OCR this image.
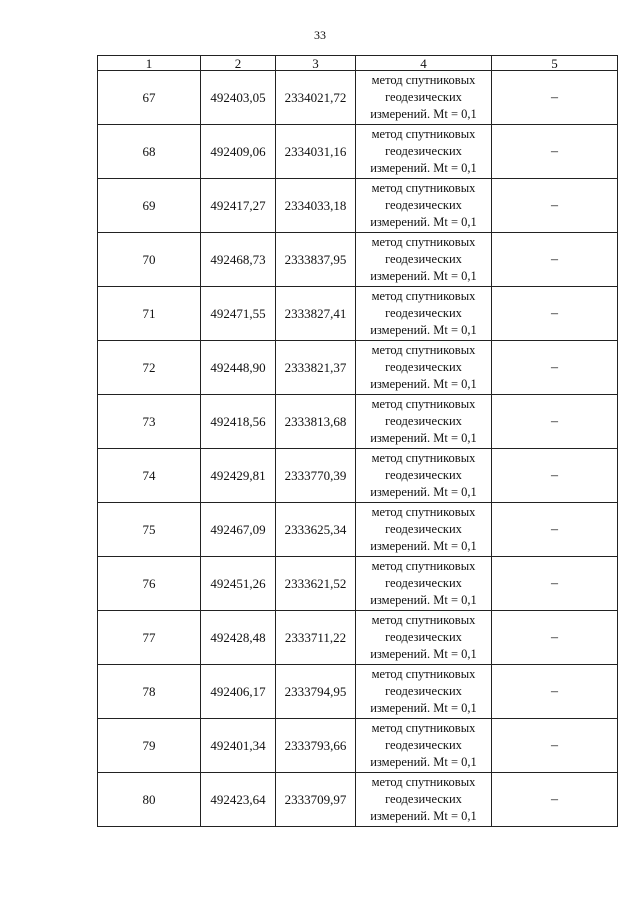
33
1	2	3	4	5
67	492403,05	2334021,72	метод спутниковых
геодезических
измерений. Mt = 0,1	–
68	492409,06	2334031,16	метод спутниковых
геодезических
измерений. Mt = 0,1	–
69	492417,27	2334033,18	метод спутниковых
геодезических
измерений. Mt = 0,1	–
70	492468,73	2333837,95	метод спутниковых
геодезических
измерений. Mt = 0,1	–
71	492471,55	2333827,41	метод спутниковых
геодезических
измерений. Mt = 0,1	–
72	492448,90	2333821,37	метод спутниковых
геодезических
измерений. Mt = 0,1	–
73	492418,56	2333813,68	метод спутниковых
геодезических
измерений. Mt = 0,1	–
74	492429,81	2333770,39	метод спутниковых
геодезических
измерений. Mt = 0,1	–
75	492467,09	2333625,34	метод спутниковых
геодезических
измерений. Mt = 0,1	–
76	492451,26	2333621,52	метод спутниковых
геодезических
измерений. Mt = 0,1	–
77	492428,48	2333711,22	метод спутниковых
геодезических
измерений. Mt = 0,1	–
78	492406,17	2333794,95	метод спутниковых
геодезических
измерений. Mt = 0,1	–
79	492401,34	2333793,66	метод спутниковых
геодезических
измерений. Mt = 0,1	–
80	492423,64	2333709,97	метод спутниковых
геодезических
измерений. Mt = 0,1	–
